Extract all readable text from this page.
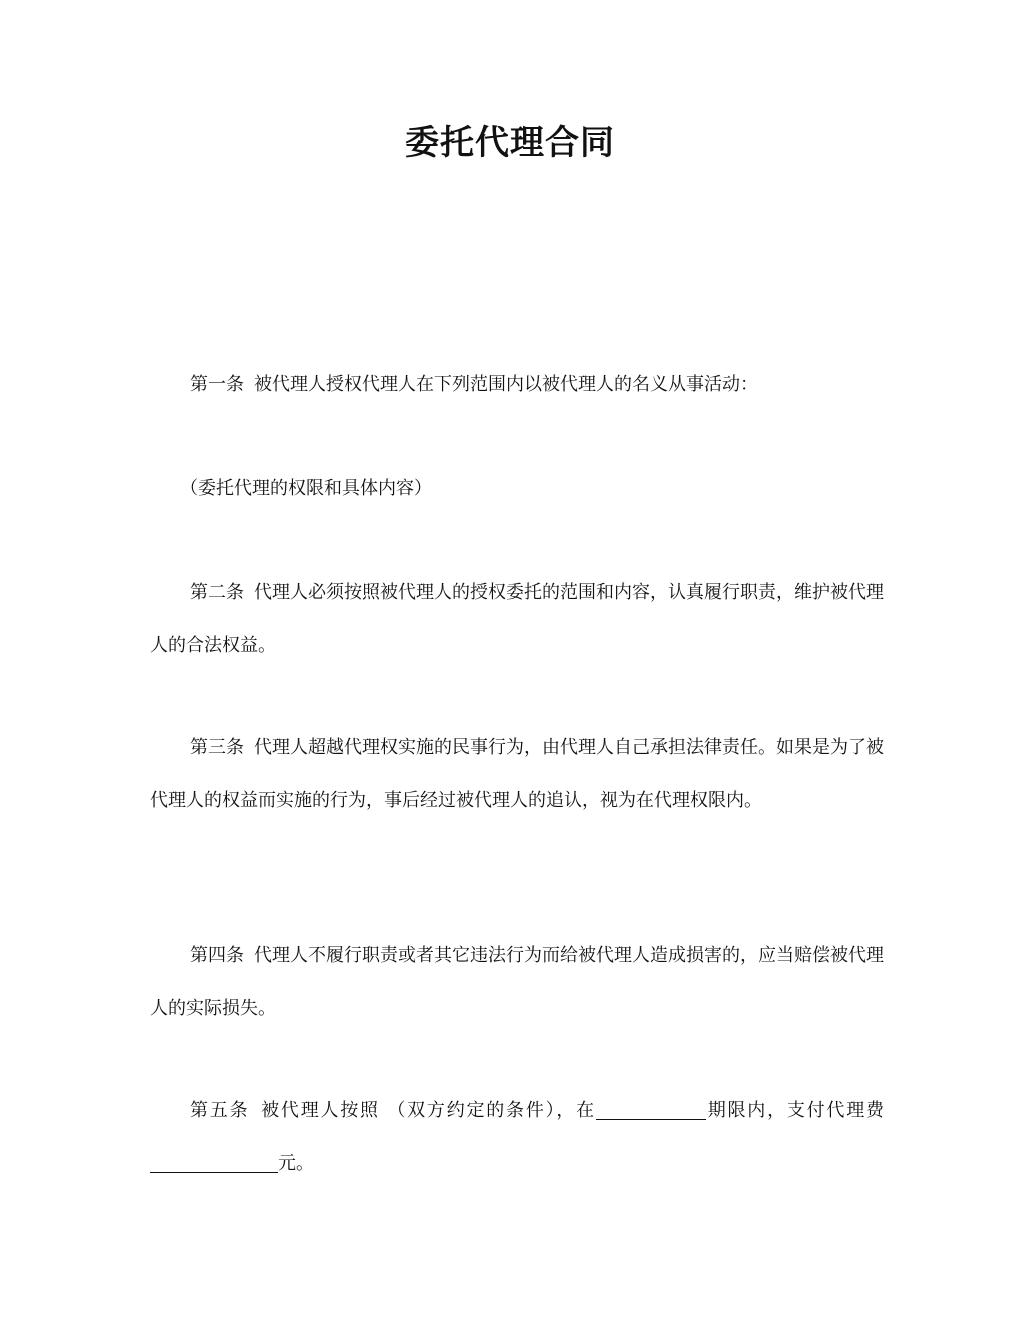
委托代理合同

第一条 被代理人授权代理人在下列范围内以被代理人的名义从事活动：

（委托代理的权限和具体内容）

第二条 代理人必须按照被代理人的授权委托的范围和内容，认真履行职责，维护被代理人的合法权益。

第三条 代理人超越代理权实施的民事行为，由代理人自己承担法律责任。如果是为了被代理人的权益而实施的行为，事后经过被代理人的追认，视为在代理权限内。

第四条 代理人不履行职责或者其它违法行为而给被代理人造成损害的，应当赔偿被代理人的实际损失。

第五条 被代理人按照 （双方约定的条件），在	期限内，支付代理费元。
